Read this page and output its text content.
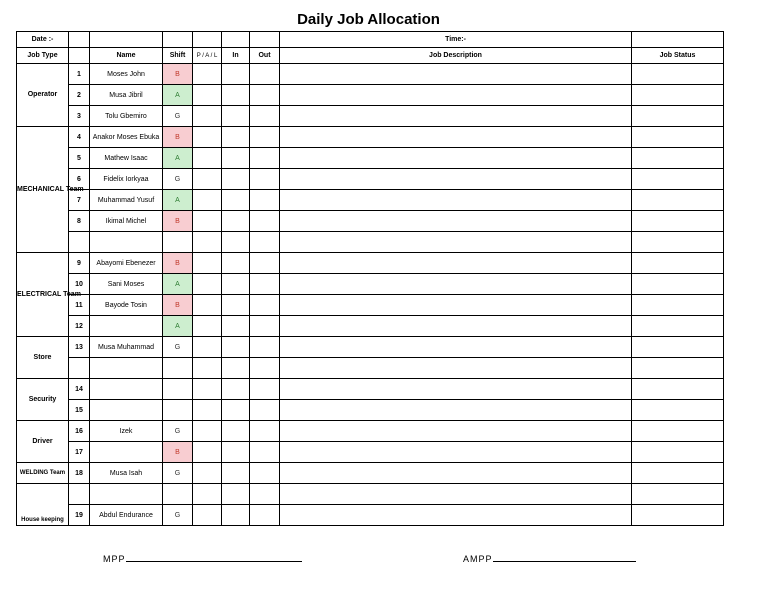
Daily Job Allocation
Date :-							Time:-	
Job Type		Name	Shift	P / A / L	In	Out	Job Description	Job Status
Operator	1	Moses John	B					
	2	Musa Jibril	A					
	3	Tolu Gbemiro	G					
MECHANICAL Team	4	Anakor Moses Ebuka	B					
	5	Mathew Isaac	A					
	6	Fidelix Iorkyaa	G					
	7	Muhammad Yusuf	A					
	8	Ikimal Michel	B					

ELECTRICAL Team	9	Abayomi Ebenezer	B					
	10	Sani Moses	A					
	11	Bayode Tosin	B					
	12		A					
Store	13	Musa Muhammad	G					

Security	14							
	15							
Driver	16	Izek	G					
	17		B					
WELDING Team	18	Musa Isah	G					
House keeping								
	19	Abdul Endurance	G					
MPP	AMPP
